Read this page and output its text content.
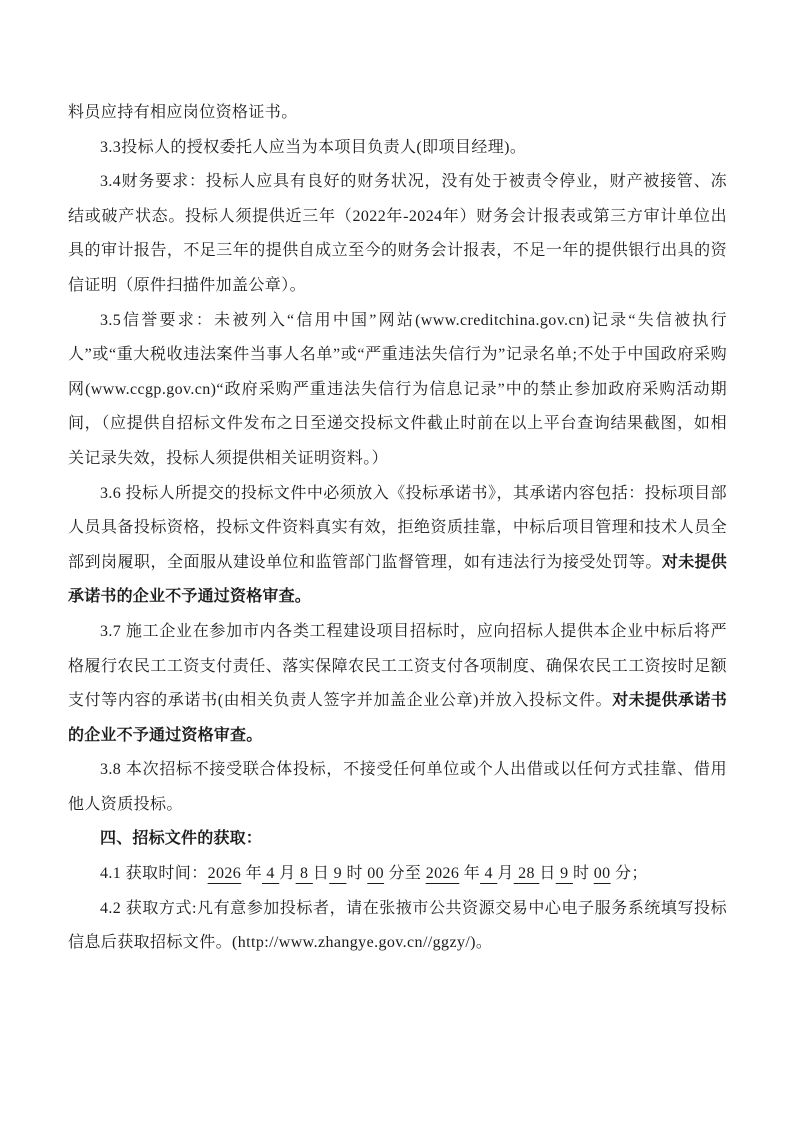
料员应持有相应岗位资格证书。

3.3投标人的授权委托人应当为本项目负责人(即项目经理)。

3.4财务要求：投标人应具有良好的财务状况，没有处于被责令停业，财产被接管、冻结或破产状态。投标人须提供近三年（2022年-2024年）财务会计报表或第三方审计单位出具的审计报告，不足三年的提供自成立至今的财务会计报表，不足一年的提供银行出具的资信证明（原件扫描件加盖公章）。

3.5信誉要求：未被列入“信用中国”网站(www.creditchina.gov.cn)记录“失信被执行人”或“重大税收违法案件当事人名单”或“严重违法失信行为”记录名单;不处于中国政府采购网(www.ccgp.gov.cn)“政府采购严重违法失信行为信息记录”中的禁止参加政府采购活动期间，（应提供自招标文件发布之日至递交投标文件截止时前在以上平台查询结果截图，如相关记录失效，投标人须提供相关证明资料。）

3.6 投标人所提交的投标文件中必须放入《投标承诺书》，其承诺内容包括：投标项目部人员具备投标资格，投标文件资料真实有效，拒绝资质挂靠，中标后项目管理和技术人员全部到岗履职，全面服从建设单位和监管部门监督管理，如有违法行为接受处罚等。对未提供承诺书的企业不予通过资格审查。

3.7 施工企业在参加市内各类工程建设项目招标时，应向招标人提供本企业中标后将严格履行农民工工资支付责任、落实保障农民工工资支付各项制度、确保农民工工资按时足额支付等内容的承诺书(由相关负责人签字并加盖企业公章)并放入投标文件。对未提供承诺书的企业不予通过资格审查。

3.8 本次招标不接受联合体投标，不接受任何单位或个人出借或以任何方式挂靠、借用他人资质投标。

四、招标文件的获取：

4.1 获取时间：2026 年 4 月 8 日 9 时 00 分至 2026 年 4 月 28 日 9 时 00 分；

4.2 获取方式:凡有意参加投标者，请在张掖市公共资源交易中心电子服务系统填写投标信息后获取招标文件。(http://www.zhangye.gov.cn//ggzy/)。
